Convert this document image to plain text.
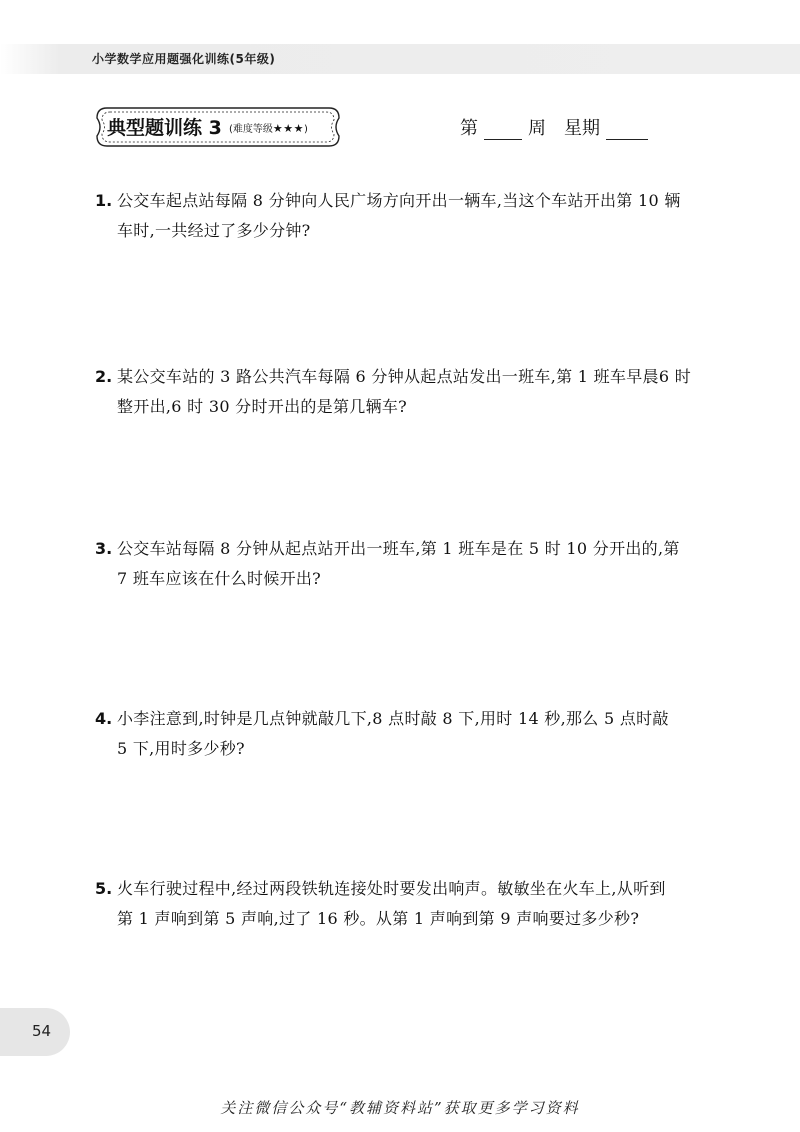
小学数学应用题强化训练(5年级)
典型题训练 3 (难度等级★★★)	第	周 星期
1. 公交车起点站每隔 8 分钟向人民广场方向开出一辆车,当这个车站开出第 10 辆
车时,一共经过了多少分钟?
2. 某公交车站的 3 路公共汽车每隔 6 分钟从起点站发出一班车,第 1 班车早晨6 时
整开出,6 时 30 分时开出的是第几辆车?
3. 公交车站每隔 8 分钟从起点站开出一班车,第 1 班车是在 5 时 10 分开出的,第
7 班车应该在什么时候开出?
4. 小李注意到,时钟是几点钟就敲几下,8 点时敲 8 下,用时 14 秒,那么 5 点时敲
5 下,用时多少秒?
5. 火车行驶过程中,经过两段铁轨连接处时要发出响声。敏敏坐在火车上,从听到
第 1 声响到第 5 声响,过了 16 秒。从第 1 声响到第 9 声响要过多少秒?
54
关注微信公众号“教辅资料站”获取更多学习资料
